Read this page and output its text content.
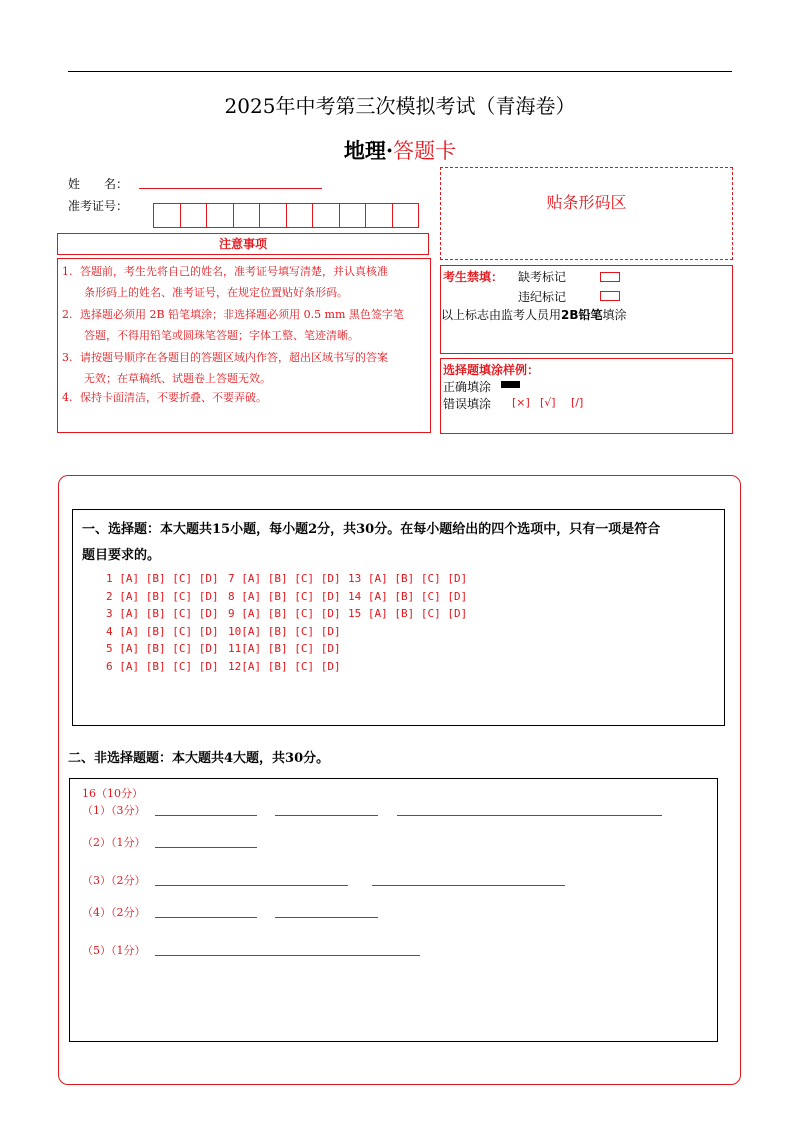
2025年中考第三次模拟考试（青海卷）
地理·答题卡
姓　　名：
准考证号：	贴条形码区
注意事项
1. 答题前，考生先将自己的姓名，准考证号填写清楚，并认真核准
条形码上的姓名、准考证号，在规定位置贴好条形码。
2. 选择题必须用 2B 铅笔填涂；非选择题必须用 0.5 mm 黑色签字笔
答题，不得用铅笔或圆珠笔答题；字体工整、笔迹清晰。
3. 请按题号顺序在各题目的答题区域内作答，超出区域书写的答案
无效；在草稿纸、试题卷上答题无效。
4. 保持卡面清洁，不要折叠、不要弄破。
考生禁填： 缺考标记
违纪标记
以上标志由监考人员用2B铅笔填涂
选择题填涂样例：
正确填涂
错误填涂 [×] [√] [/]
一、选择题：本大题共15小题，每小题2分，共30分。在每小题给出的四个选项中，只有一项是符合
题目要求的。
1 [A] [B] [C] [D]
2 [A] [B] [C] [D]
3 [A] [B] [C] [D]
4 [A] [B] [C] [D]
5 [A] [B] [C] [D]
6 [A] [B] [C] [D]
7 [A] [B] [C] [D]
8 [A] [B] [C] [D]
9 [A] [B] [C] [D]
10[A] [B] [C] [D]
11[A] [B] [C] [D]
12[A] [B] [C] [D]
13 [A] [B] [C] [D]
14 [A] [B] [C] [D]
15 [A] [B] [C] [D]
二、非选择题题：本大题共4大题，共30分。
16（10分）
（1）（3分）
（2）（1分）
（3）（2分）
（4）（2分）
（5）（1分）
